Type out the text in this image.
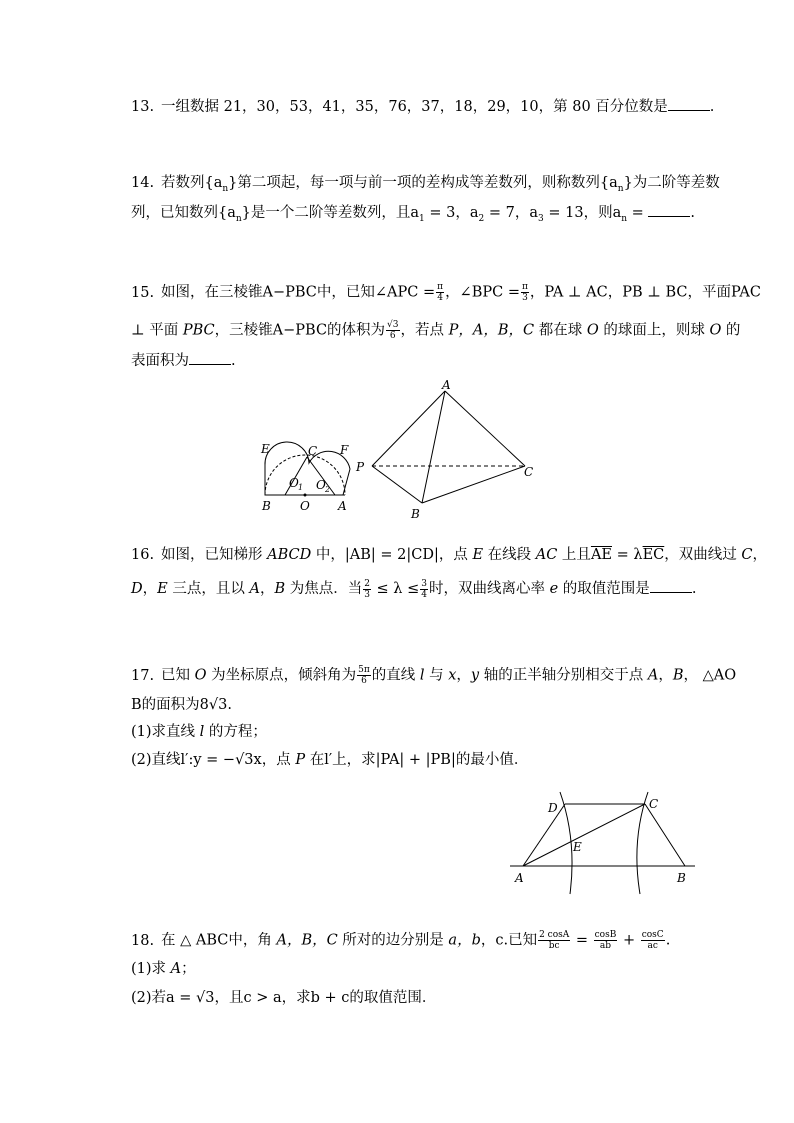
13. 一组数据 21，30，53，41，35，76，37，18，29，10，第 80 百分位数是	.
14. 若数列$\{a_n\}$第二项起，每一项与前一项的差构成等差数列，则称数列$\{a_n\}$为二阶等差数
列，已知数列$\{a_n\}$是一个二阶等差数列，且$a_1 = 3$，$a_2 = 7$，$a_3 = 13$，则$a_n$ =	.
15. 如图，在三棱锥A−PBC中，已知∠APC = $\frac{\pi}{4}$ ，∠BPC = $\frac{\pi}{3}$ ，PA ⊥ AC，PB ⊥ BC，平面PAC
⊥ 平面 PBC，三棱锥A−PBC的体积为 $\frac{√3}{6}$ ，若点 P，A，B，C 都在球 O 的球面上，则球 O 的
表面积为	.
E	C F
O 1 O 2
B O A
A
P	C
B
16. 如图，已知梯形 ABCD 中，|AB| = 2|CD|，点 E 在线段 AC 上且$\overline{AE} = \lambda\overline{EC}$，双曲线过 C，
D，E 三点，且以 A，B 为焦点．当 $\frac{2}{3} \le \lambda \le \frac{3}{4}$ 时，双曲线离心率 e 的取值范围是	.
17. 已知 O 为坐标原点，倾斜角为 $\frac{5\pi}{6}$ 的直线 l 与 x，y 轴的正半轴分别相交于点 A，B， △AO
B的面积为8√3.
(1)求直线 l 的方程；
(2)直线l′:y = −√3x，点 P 在l′上，求|PA| + |PB|的最小值．
D	C
E
A	B
18. 在 △ ABC中，角 A，B，C 所对的边分别是 a，b，c.已知 $\frac{2 \cos A}{bc} = \frac{\cos B}{ab} + \frac{\cos C}{ac}$ .
(1)求 A；
(2)若a = √3，且c > a，求b + c的取值范围．
